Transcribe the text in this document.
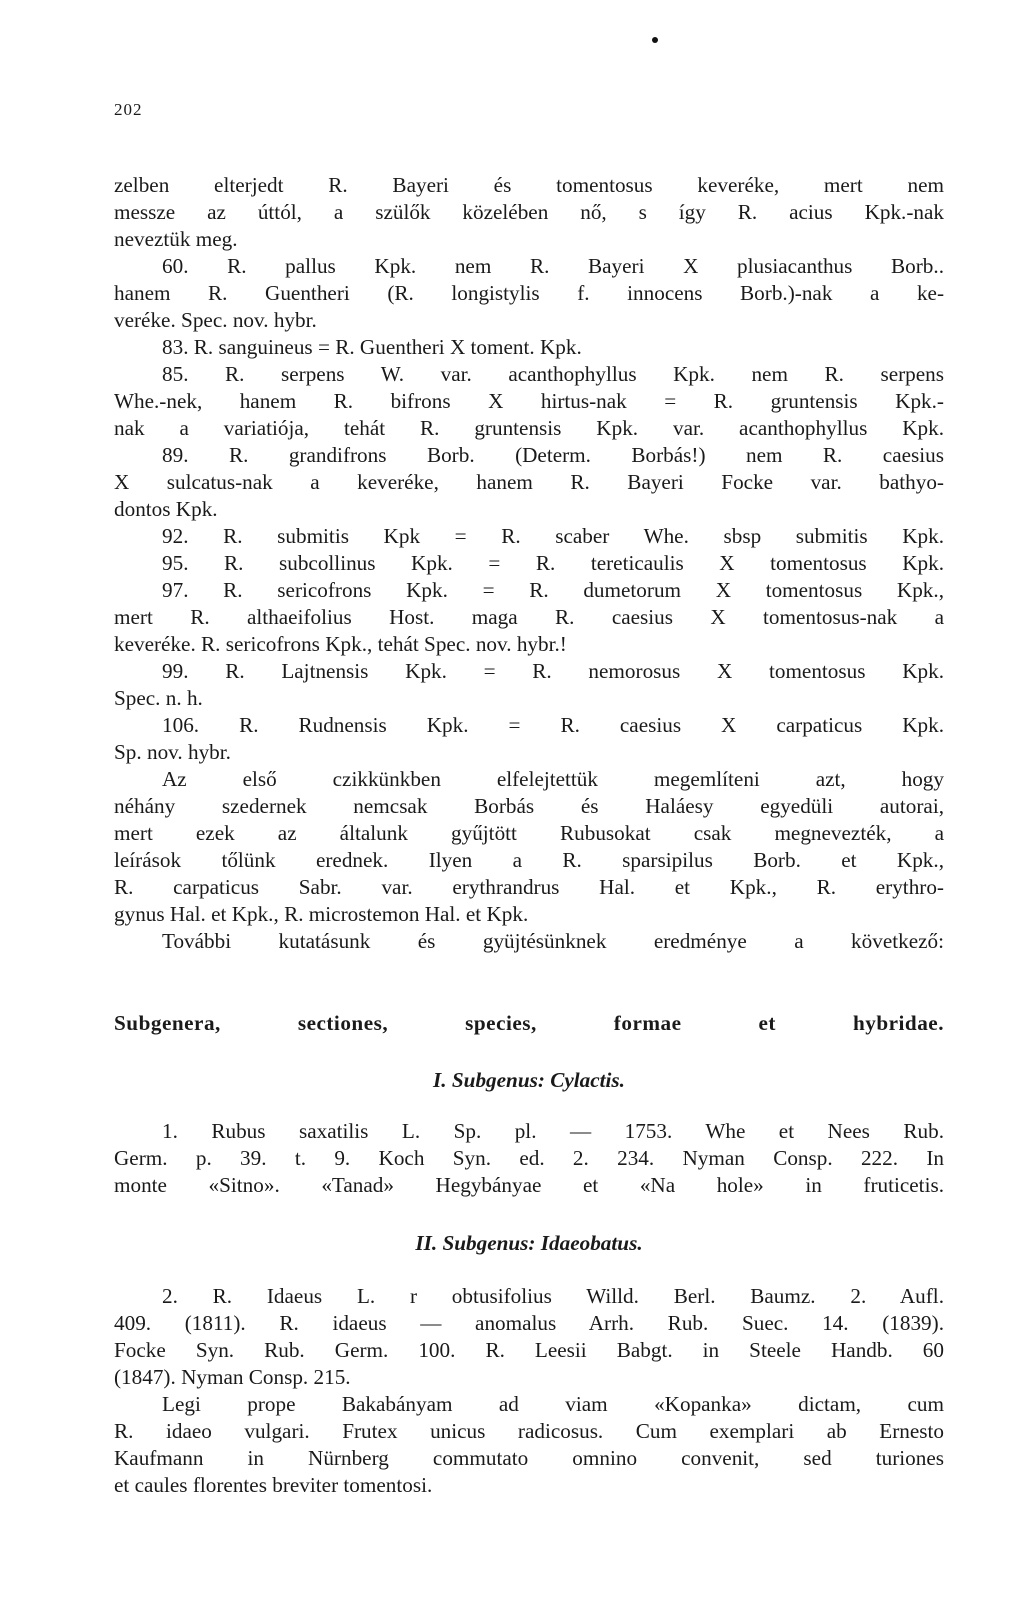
202
zelben elterjedt R. Bayeri és tomentosus keveréke, mert nem
messze az úttól, a szülők közelében nő, s így R. acius Kpk.-nak
neveztük meg.
60. R. pallus Kpk. nem R. Bayeri X plusiacanthus Borb..
hanem R. Guentheri (R. longistylis f. innocens Borb.)-nak a ke-
veréke. Spec. nov. hybr.
83. R. sanguineus = R. Guentheri X toment. Kpk.
85. R. serpens W. var. acanthophyllus Kpk. nem R. serpens
Whe.-nek, hanem R. bifrons X hirtus-nak = R. gruntensis Kpk.-
nak a variatiója, tehát R. gruntensis Kpk. var. acanthophyllus Kpk.
89. R. grandifrons Borb. (Determ. Borbás!) nem R. caesius
X sulcatus-nak a keveréke, hanem R. Bayeri Focke var. bathyo-
dontos Kpk.
92. R. submitis Kpk = R. scaber Whe. sbsp submitis Kpk.
95. R. subcollinus Kpk. = R. tereticaulis X tomentosus Kpk.
97. R. sericofrons Kpk. = R. dumetorum X tomentosus Kpk.,
mert R. althaeifolius Host. maga R. caesius X tomentosus-nak a
keveréke. R. sericofrons Kpk., tehát Spec. nov. hybr.!
99. R. Lajtnensis Kpk. = R. nemorosus X tomentosus Kpk.
Spec. n. h.
106. R. Rudnensis Kpk. = R. caesius X carpaticus Kpk.
Sp. nov. hybr.
Az első czikkünkben elfelejtettük megemlíteni azt, hogy
néhány szedernek nemcsak Borbás és Haláesy egyedüli autorai,
mert ezek az általunk gyűjtött Rubusokat csak megnevezték, a
leírások tőlünk erednek. Ilyen a R. sparsipilus Borb. et Kpk.,
R. carpaticus Sabr. var. erythrandrus Hal. et Kpk., R. erythro-
gynus Hal. et Kpk., R. microstemon Hal. et Kpk.
További kutatásunk és gyüjtésünknek eredménye a következő:
Subgenera, sectiones, species, formae et hybridae.
I. Subgenus: Cylactis.
1. Rubus saxatilis L. Sp. pl. — 1753. Whe et Nees Rub.
Germ. p. 39. t. 9. Koch Syn. ed. 2. 234. Nyman Consp. 222. In
monte «Sitno». «Tanad» Hegybányae et «Na hole» in fruticetis.
II. Subgenus: Idaeobatus.
2. R. Idaeus L. r obtusifolius Willd. Berl. Baumz. 2. Aufl.
409. (1811). R. idaeus — anomalus Arrh. Rub. Suec. 14. (1839).
Focke Syn. Rub. Germ. 100. R. Leesii Babgt. in Steele Handb. 60
(1847). Nyman Consp. 215.
Legi prope Bakabányam ad viam «Kopanka» dictam, cum
R. idaeo vulgari. Frutex unicus radicosus. Cum exemplari ab Ernesto
Kaufmann in Nürnberg commutato omnino convenit, sed turiones
et caules florentes breviter tomentosi.
